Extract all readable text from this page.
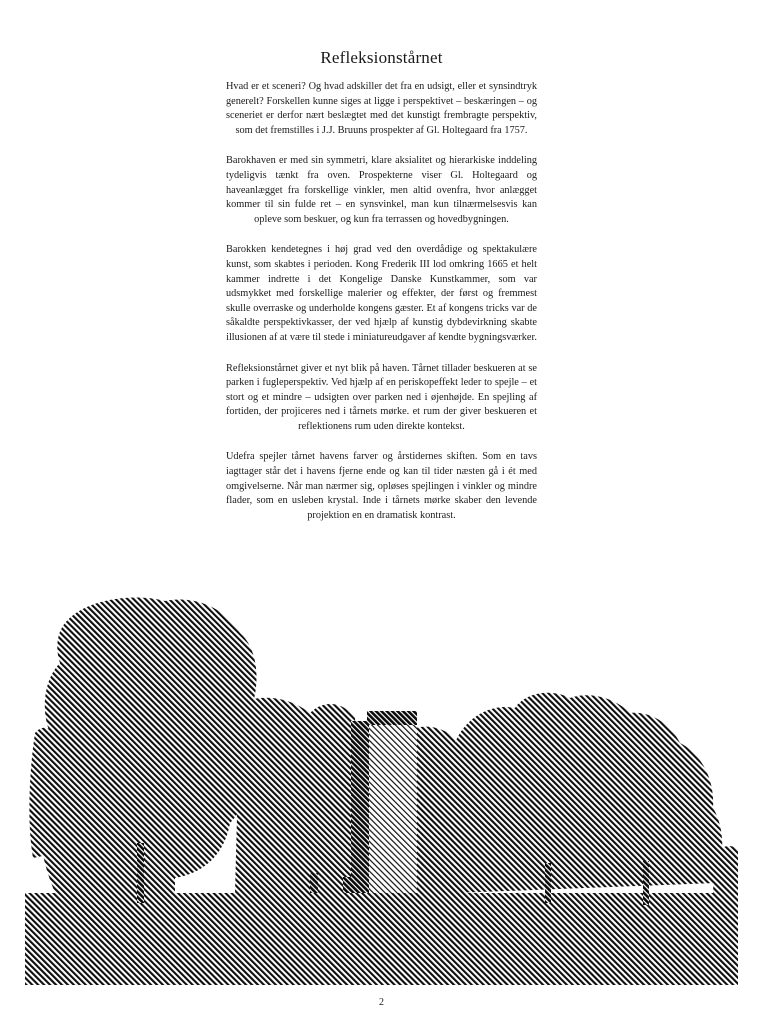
Refleksionstårnet

Hvad er et sceneri? Og hvad adskiller det fra en udsigt, eller et synsindtryk generelt? Forskellen kunne siges at ligge i perspektivet – beskæringen – og sceneriet er derfor nært beslægtet med det kunstigt frembragte perspektiv, som det fremstilles i J.J. Bruuns prospekter af Gl. Holtegaard fra 1757.

Barokhaven er med sin symmetri, klare aksialitet og hierarkiske inddeling tydeligvis tænkt fra oven. Prospekterne viser Gl. Holtegaard og haveanlægget fra forskellige vinkler, men altid ovenfra, hvor anlægget kommer til sin fulde ret – en synsvinkel, man kun tilnærmelsesvis kan opleve som beskuer, og kun fra terrassen og hovedbygningen.

Barokken kendetegnes i høj grad ved den overdådige og spektakulære kunst, som skabtes i perioden. Kong Frederik III lod omkring 1665 et helt kammer indrette i det Kongelige Danske Kunstkammer, som var udsmykket med forskellige malerier og effekter, der først og fremmest skulle overraske og underholde kongens gæster. Et af kongens tricks var de såkaldte perspektivkasser, der ved hjælp af kunstig dybdevirkning skabte illusionen af at være til stede i miniatureudgaver af kendte bygningsværker.

Refleksionstårnet giver et nyt blik på haven. Tårnet tillader beskueren at se parken i fugleperspektiv. Ved hjælp af en periskopeffekt leder to spejle – et stort og et mindre – udsigten over parken ned i øjenhøjde. En spejling af fortiden, der projiceres ned i tårnets mørke. et rum der giver beskueren et reflektionens rum uden direkte kontekst.

Udefra spejler tårnet havens farver og årstidernes skiften. Som en tavs iagttager står det i havens fjerne ende og kan til tider næsten gå i ét med omgivelserne. Når man nærmer sig, opløses spejlingen i vinkler og mindre flader, som en usleben krystal. Inde i tårnets mørke skaber den levende projektion en en dramatisk kontrast.

2
